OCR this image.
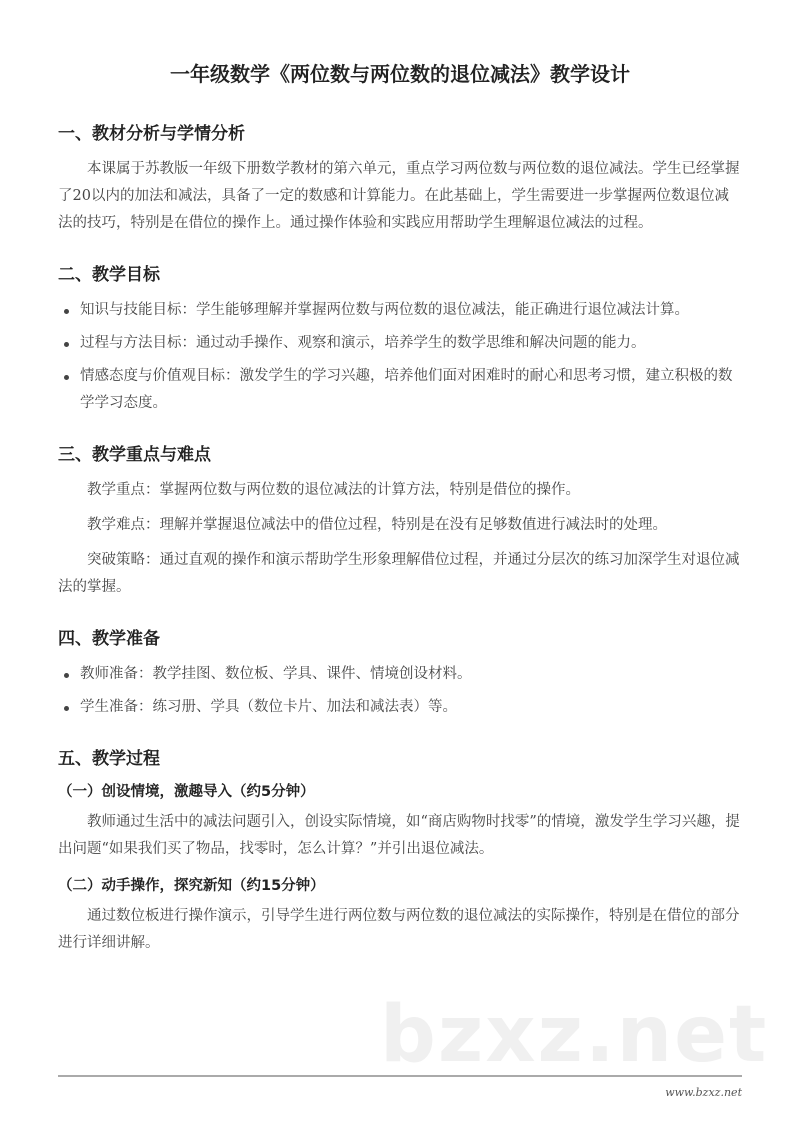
bzxz.net
一年级数学《两位数与两位数的退位减法》教学设计
一、教材分析与学情分析
本课属于苏教版一年级下册数学教材的第六单元，重点学习两位数与两位数的退位减法。学生已经掌握了20以内的加法和减法，具备了一定的数感和计算能力。在此基础上，学生需要进一步掌握两位数退位减法的技巧，特别是在借位的操作上。通过操作体验和实践应用帮助学生理解退位减法的过程。
二、教学目标
知识与技能目标：学生能够理解并掌握两位数与两位数的退位减法，能正确进行退位减法计算。
过程与方法目标：通过动手操作、观察和演示，培养学生的数学思维和解决问题的能力。
情感态度与价值观目标：激发学生的学习兴趣，培养他们面对困难时的耐心和思考习惯，建立积极的数学学习态度。
三、教学重点与难点
教学重点：掌握两位数与两位数的退位减法的计算方法，特别是借位的操作。
教学难点：理解并掌握退位减法中的借位过程，特别是在没有足够数值进行减法时的处理。
突破策略：通过直观的操作和演示帮助学生形象理解借位过程，并通过分层次的练习加深学生对退位减法的掌握。
四、教学准备
教师准备：教学挂图、数位板、学具、课件、情境创设材料。
学生准备：练习册、学具（数位卡片、加法和减法表）等。
五、教学过程
（一）创设情境，激趣导入（约5分钟）
教师通过生活中的减法问题引入，创设实际情境，如“商店购物时找零”的情境，激发学生学习兴趣，提出问题“如果我们买了物品，找零时，怎么计算？”并引出退位减法。
（二）动手操作，探究新知（约15分钟）
通过数位板进行操作演示，引导学生进行两位数与两位数的退位减法的实际操作，特别是在借位的部分进行详细讲解。
www.bzxz.net
